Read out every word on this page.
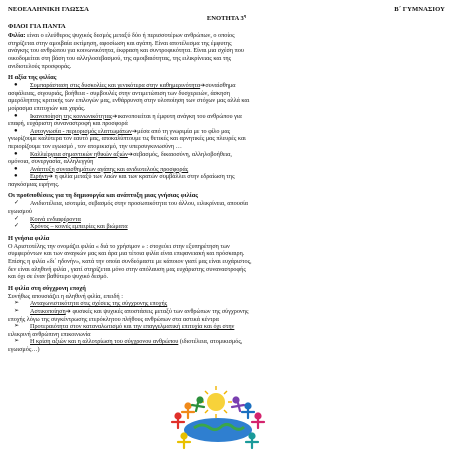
ΝΕΟΕΛΛΗΝΙΚΗ ΓΛΩΣΣΑ	Β΄ ΓΥΜΝΑΣΙΟΥ
ΕΝΟΤΗΤΑ $3^\eta$
ΦΙΛΟΙ ΓΙΑ ΠΑΝΤΑ

Φιλία: είναι ο ελεύθερος ψυχικός δεσμός μεταξύ δύο ή περισσοτέρων ανθρώπων, ο οποίος
στηρίζεται στην αμοιβαία εκτίμηση, αφοσίωση και αγάπη. Είναι αποτέλεσμα της έμφυτης
ανάγκης του ανθρώπου για κοινωνικότητα, έκφραση και συντροφικότητα. Είναι μια σχέση που
οικοδομείται στη βάση του αλληλοσεβασμού, της αμοιβαιότητας, της ειλικρίνειας και της
ανιδιοτελούς προσφοράς.

Η αξία της φιλίας
●	Συμπαράσταση στις δυσκολίες και γενικότερα στην καθημερινότητα➔συναίσθημα

ασφάλειας, σιγουριάς, βοήθεια - συμβουλές στην αντιμετώπιση των δυσχερειών, άσκηση

αμερόληπτης κριτικής των επιλογών μας, ενθάρρυνση στην υλοποίηση των στόχων μας αλλά και

μοίρασμα επιτυχιών και χαράς.

●	Ικανοποίηση της κοινωνικότητας➔ικανοποιείται η έμφυτη ανάγκη του ανθρώπου για

επαφή, ευχάριστη συναναστροφή και προσφορά

●	Αυτογνωσία - περιορισμός ελαττωμάτων➔μέσα από τη γνωριμία με το φίλο μας

γνωρίζουμε καλύτερα τον εαυτό μας, αποκαλύπτουμε τις θετικές και αρνητικές μας πλευρές και

περιορίζουμε τον εγωισμό , τον ατομικισμό, την υπερσυγκινωσύνη …

●	Καλλιέργεια σημαντικών ηθικών αξιών➔σεβασμός, δικαιοσύνη, αλληλοβοήθεια,

ομόνοια, συνεργασία, αλληλεγγύη

●	Ανάπτυξη συναισθημάτων αγάπης και ανιδιοτελούς προσφοράς
●	Ειρήνη➔ η φιλία μεταξύ των λαών και των κρατών συμβάλλει στην εδραίωση της

παγκόσμιας ειρήνης.

Οι προϋποθέσεις για τη δημιουργία και ανάπτυξη μιας γνήσιας φιλίας
✓	Ανιδιοτέλεια, ισοτιμία, σεβασμός στην προσωπικότητα του άλλου, ειλικρίνεια, απουσία

εγωισμού

✓	Κοινά ενδιαφέροντα
✓	Χρόνος – κοινές εμπειρίες και βιώματα
Η γνήσια φιλία

Ο Αριστοτέλης την ονομάζει φιλία « διά το χρήσιμον » : στοχεύει στην εξυπηρέτηση των
συμφερόντων και των αναγκών μας και άρα μια τέτοια φιλία είναι επιφανειακή και πρόσκαιρη.
Επίσης η φιλία «δι΄ ηδονήν», κατά την οποία συνδεόμαστε με κάποιον γιατί μας είναι ευχάριστος,
δεν είναι αληθινή φιλία , γιατί στηρίζεται μόνο στην απόλαυση μας ευχάριστης συναναστροφής
και όχι σε έναν βαθύτερο ψυχικό δεσμό.

Η φιλία στη σύγχρονη εποχή

Συνήθως απουσιάζει η αληθινή φιλία, επειδή :

➢	Ανταγωνιστικότητα στις σχέσεις της σύγχρονης εποχής
➢	Αστικοποίηση➔ φυσικές και ψυχικές αποστάσεις μεταξύ των ανθρώπων της σύγχρονης

εποχής λόγω της συγκέντρωσης ετερόκλητου πλήθους ανθρώπων στα αστικά κέντρα

➢	Προτεραιότητα στον καταναλωτισμό και την επαγγελματική επιτυχία και όχι στην

ειλικρινή ανθρώπινη επικοινωνία

➢	Η κρίση αξιών και η αλλοτρίωση του σύγχρονου ανθρώπου (ιδιοτέλεια, ατομικισμός,

εγωισμός…)
